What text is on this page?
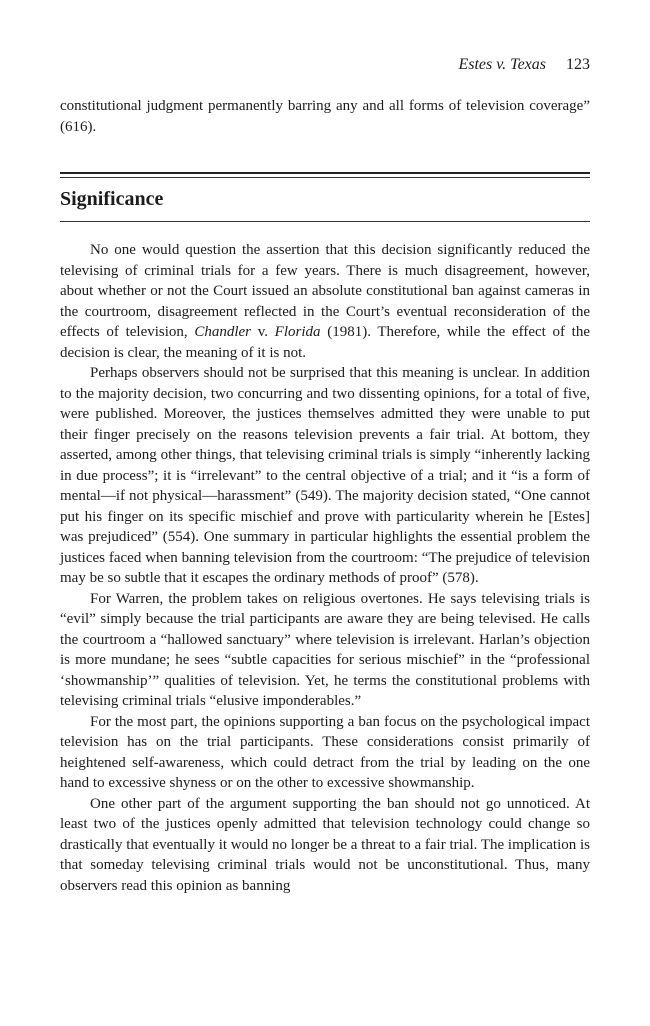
Estes v. Texas 123

constitutional judgment permanently barring any and all forms of television coverage” (616).

Significance

No one would question the assertion that this decision significantly reduced the televising of criminal trials for a few years. There is much disagreement, however, about whether or not the Court issued an absolute constitutional ban against cameras in the courtroom, disagreement reflected in the Court’s eventual reconsideration of the effects of television, Chandler v. Florida (1981). Therefore, while the effect of the decision is clear, the meaning of it is not.

Perhaps observers should not be surprised that this meaning is unclear. In addition to the majority decision, two concurring and two dissenting opinions, for a total of five, were published. Moreover, the justices themselves admitted they were unable to put their finger precisely on the reasons television prevents a fair trial. At bottom, they asserted, among other things, that televising criminal trials is simply “inherently lacking in due process”; it is “irrelevant” to the central objective of a trial; and it “is a form of mental—if not physical—harassment” (549). The majority decision stated, “One cannot put his finger on its specific mischief and prove with particularity wherein he [Estes] was prejudiced” (554). One summary in particular highlights the essential problem the justices faced when banning television from the courtroom: “The prejudice of television may be so subtle that it escapes the ordinary methods of proof” (578).

For Warren, the problem takes on religious overtones. He says televising trials is “evil” simply because the trial participants are aware they are being televised. He calls the courtroom a “hallowed sanctuary” where television is irrelevant. Harlan’s objection is more mundane; he sees “subtle capacities for serious mischief” in the “professional ‘showmanship’” qualities of television. Yet, he terms the constitutional problems with televising criminal trials “elusive imponderables.”

For the most part, the opinions supporting a ban focus on the psychological impact television has on the trial participants. These considerations consist primarily of heightened self-awareness, which could detract from the trial by leading on the one hand to excessive shyness or on the other to excessive showmanship.

One other part of the argument supporting the ban should not go unnoticed. At least two of the justices openly admitted that television technology could change so drastically that eventually it would no longer be a threat to a fair trial. The implication is that someday televising criminal trials would not be unconstitutional. Thus, many observers read this opinion as banning
